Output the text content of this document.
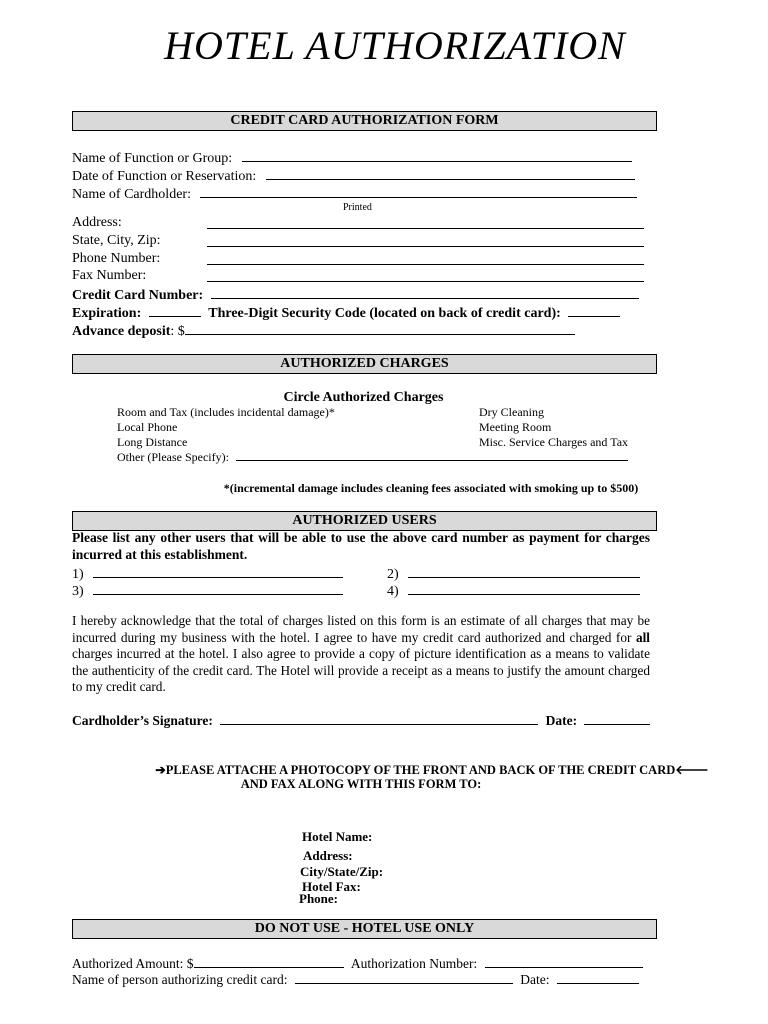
HOTEL AUTHORIZATION
CREDIT CARD AUTHORIZATION FORM
Name of Function or Group:
Date of Function or Reservation:
Name of Cardholder:
Printed
Address:
State, City, Zip:
Phone Number:
Fax Number:
Credit Card Number:
Expiration:	Three-Digit Security Code (located on back of credit card):
Advance deposit: $
AUTHORIZED CHARGES
Circle Authorized Charges
Room and Tax (includes incidental damage)*
Local Phone
Long Distance
Dry Cleaning
Meeting Room
Misc. Service Charges and Tax
Other (Please Specify):
*(incremental damage includes cleaning fees associated with smoking up to $500)
AUTHORIZED USERS
Please list any other users that will be able to use the above card number as payment for charges incurred at this establishment.
1)	2)
3)	4)
I hereby acknowledge that the total of charges listed on this form is an estimate of all charges that may be incurred during my business with the hotel. I agree to have my credit card authorized and charged for all charges incurred at the hotel. I also agree to provide a copy of picture identification as a means to validate the authenticity of the credit card. The Hotel will provide a receipt as a means to justify the amount charged to my credit card.
Cardholder’s Signature:	Date:
➔PLEASE ATTACHE A PHOTOCOPY OF THE FRONT AND BACK OF THE CREDIT CARD🡐
AND FAX ALONG WITH THIS FORM TO:
Hotel Name:
Address:
City/State/Zip:
Hotel Fax:
Phone:
DO NOT USE - HOTEL USE ONLY
Authorized Amount: $	Authorization Number:
Name of person authorizing credit card:	Date:
